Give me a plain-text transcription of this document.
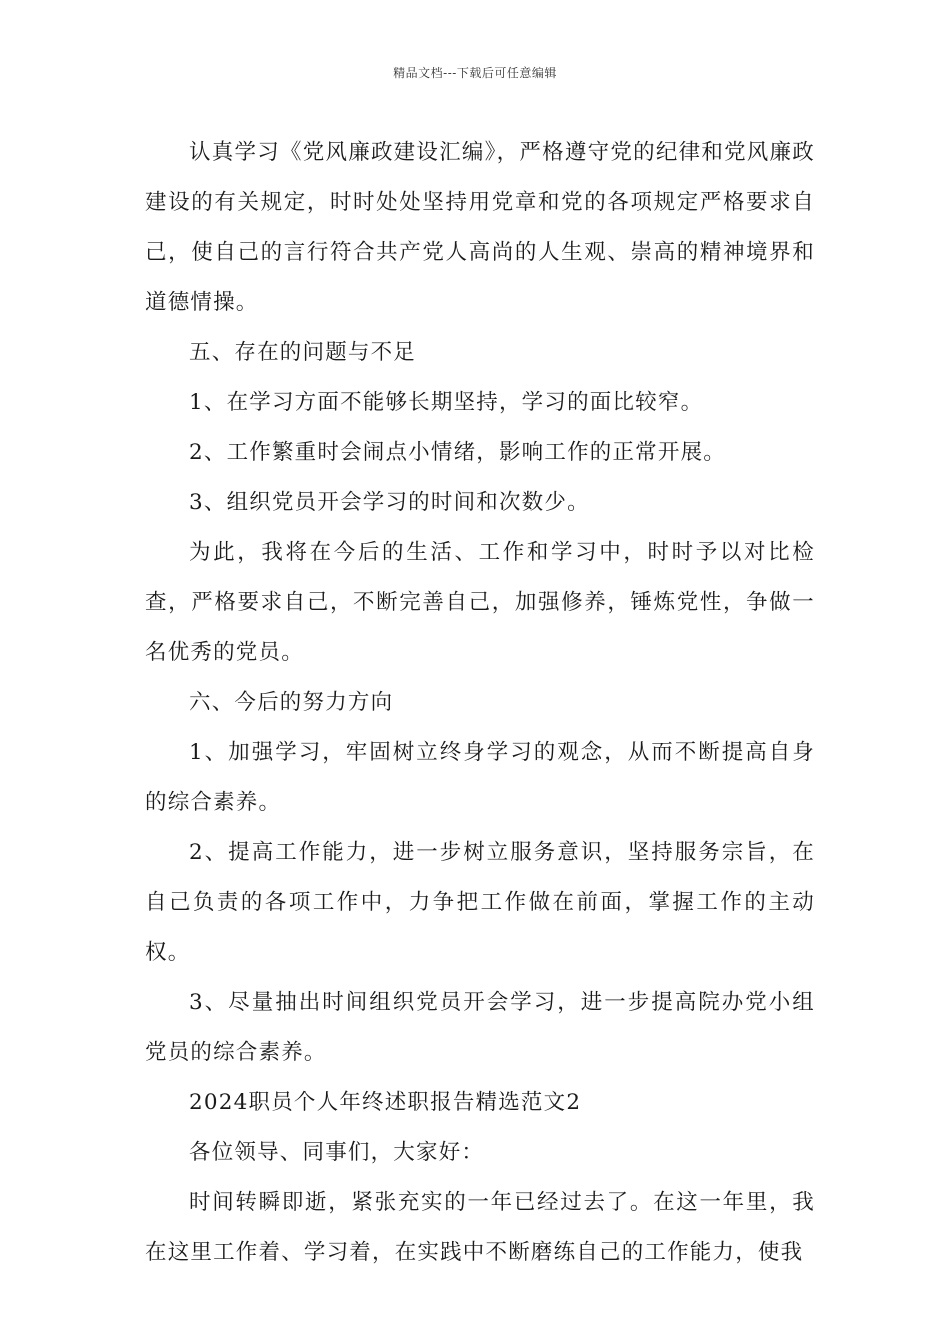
精品文档---下载后可任意编辑

认真学习《党风廉政建设汇编》，严格遵守党的纪律和党风廉政建设的有关规定，时时处处坚持用党章和党的各项规定严格要求自己，使自己的言行符合共产党人高尚的人生观、崇高的精神境界和道德情操。

五、存在的问题与不足

1、在学习方面不能够长期坚持，学习的面比较窄。

2、工作繁重时会闹点小情绪，影响工作的正常开展。

3、组织党员开会学习的时间和次数少。

为此，我将在今后的生活、工作和学习中，时时予以对比检查，严格要求自己，不断完善自己，加强修养，锤炼党性，争做一名优秀的党员。

六、今后的努力方向

1、加强学习，牢固树立终身学习的观念，从而不断提高自身的综合素养。

2、提高工作能力，进一步树立服务意识，坚持服务宗旨，在自己负责的各项工作中，力争把工作做在前面，掌握工作的主动权。

3、尽量抽出时间组织党员开会学习，进一步提高院办党小组党员的综合素养。

2024职员个人年终述职报告精选范文2

各位领导、同事们，大家好：

时间转瞬即逝，紧张充实的一年已经过去了。在这一年里，我在这里工作着、学习着，在实践中不断磨练自己的工作能力，使我
